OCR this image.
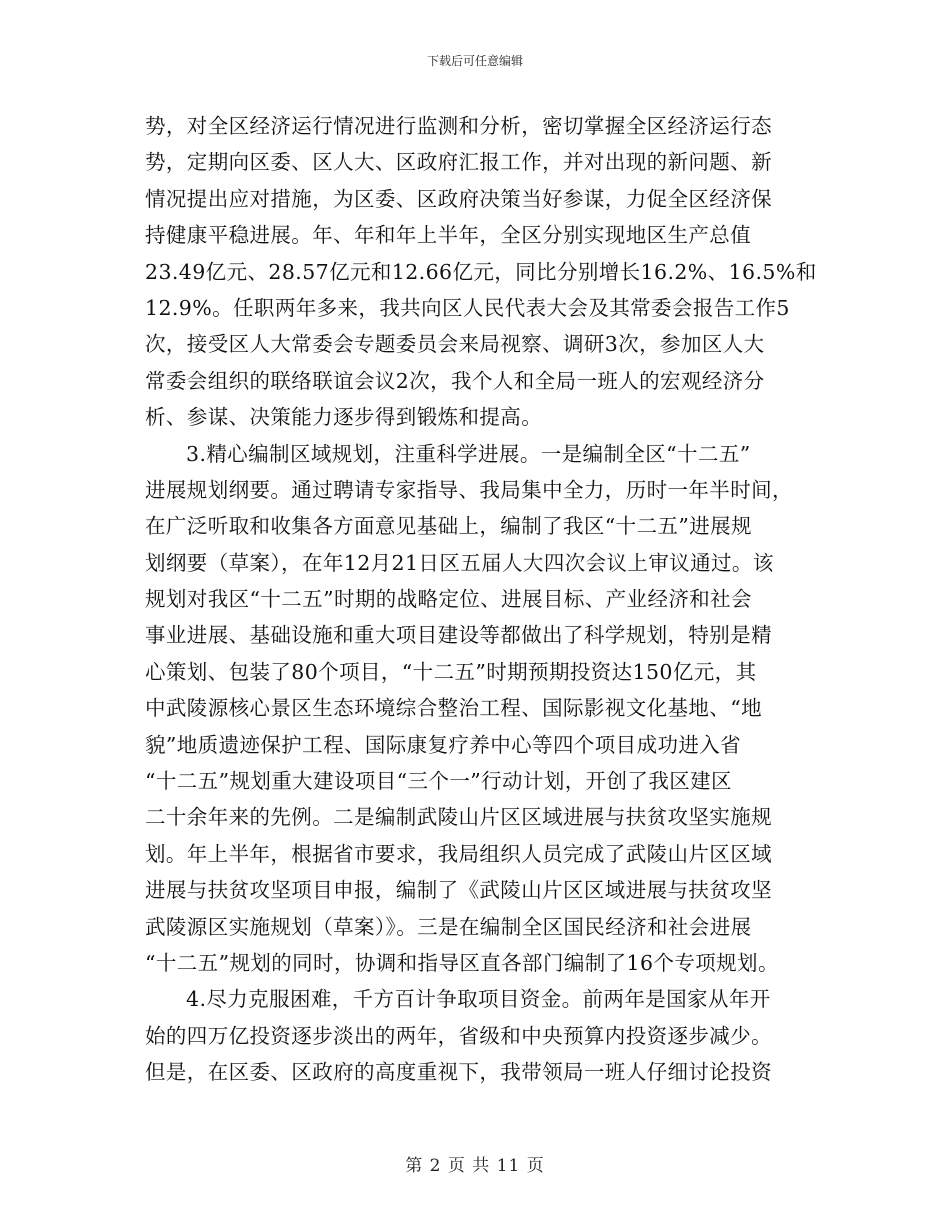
下载后可任意编辑
势，对全区经济运行情况进行监测和分析，密切掌握全区经济运行态
势，定期向区委、区人大、区政府汇报工作，并对出现的新问题、新
情况提出应对措施，为区委、区政府决策当好参谋，力促全区经济保
持健康平稳进展。年、年和年上半年，全区分别实现地区生产总值
23.49亿元、28.57亿元和12.66亿元，同比分别增长16.2%、16.5%和
12.9%。任职两年多来，我共向区人民代表大会及其常委会报告工作5
次，接受区人大常委会专题委员会来局视察、调研3次，参加区人大
常委会组织的联络联谊会议2次，我个人和全局一班人的宏观经济分
析、参谋、决策能力逐步得到锻炼和提高。
3.精心编制区域规划，注重科学进展。一是编制全区“十二五”
进展规划纲要。通过聘请专家指导、我局集中全力，历时一年半时间，
在广泛听取和收集各方面意见基础上，编制了我区“十二五”进展规
划纲要（草案），在年12月21日区五届人大四次会议上审议通过。该
规划对我区“十二五”时期的战略定位、进展目标、产业经济和社会
事业进展、基础设施和重大项目建设等都做出了科学规划，特别是精
心策划、包装了80个项目，“十二五”时期预期投资达150亿元，其
中武陵源核心景区生态环境综合整治工程、国际影视文化基地、“地
貌”地质遗迹保护工程、国际康复疗养中心等四个项目成功进入省
“十二五”规划重大建设项目“三个一”行动计划，开创了我区建区
二十余年来的先例。二是编制武陵山片区区域进展与扶贫攻坚实施规
划。年上半年，根据省市要求，我局组织人员完成了武陵山片区区域
进展与扶贫攻坚项目申报，编制了《武陵山片区区域进展与扶贫攻坚
武陵源区实施规划（草案）》。三是在编制全区国民经济和社会进展
“十二五”规划的同时，协调和指导区直各部门编制了16个专项规划。
4.尽力克服困难，千方百计争取项目资金。前两年是国家从年开
始的四万亿投资逐步淡出的两年，省级和中央预算内投资逐步减少。
但是，在区委、区政府的高度重视下，我带领局一班人仔细讨论投资
第 2 页 共 11 页
